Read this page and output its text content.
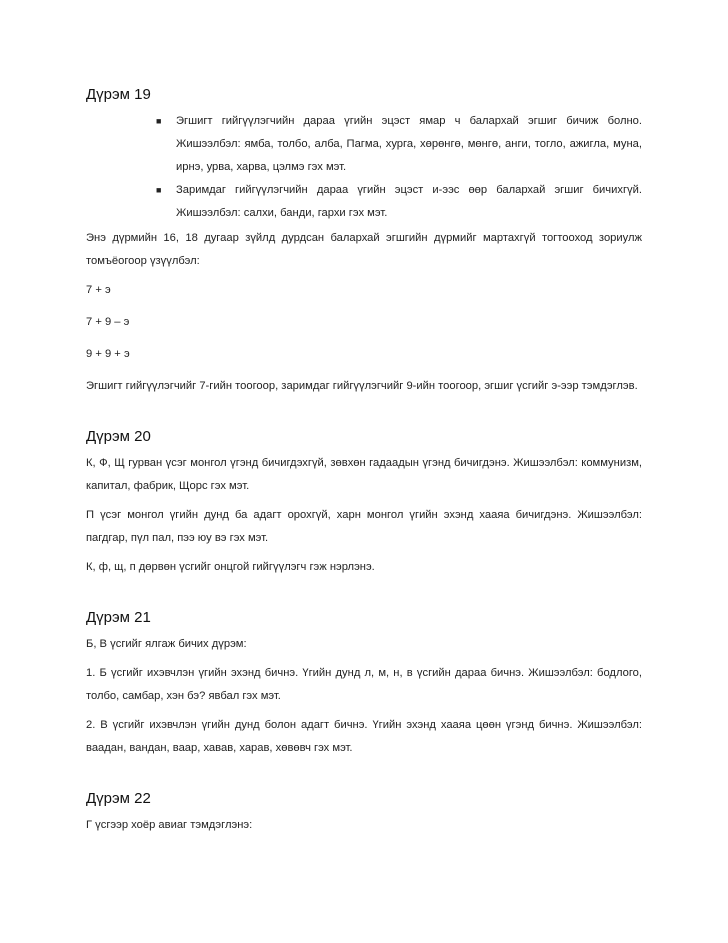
Дүрэм 19
■ Эгшигт гийгүүлэгчийн дараа үгийн эцэст ямар ч балархай эгшиг бичиж болно. Жишээлбэл: ямба, толбо, алба, Пагма, хурга, хөрөнгө, мөнгө, анги, тогло, ажигла, муна, ирнэ, урва, харва, цэлмэ гэх мэт.
■ Заримдаг гийгүүлэгчийн дараа үгийн эцэст и-ээс өөр балархай эгшиг бичихгүй. Жишээлбэл: салхи, банди, гархи гэх мэт.

Энэ дүрмийн 16, 18 дугаар зүйлд дурдсан балархай эгшгийн дүрмийг мартахгүй тогтооход зориулж томъёогоор үзүүлбэл:

7 + э
7 + 9 – э
9 + 9 + э

Эгшигт гийгүүлэгчийг 7-гийн тоогоор, заримдаг гийгүүлэгчийг 9-ийн тоогоор, эгшиг үсгийг э-ээр тэмдэглэв.

Дүрэм 20

К, Ф, Щ гурван үсэг монгол үгэнд бичигдэхгүй, зөвхөн гадаадын үгэнд бичигдэнэ. Жишээлбэл: коммунизм, капитал, фабрик, Щорс гэх мэт.

П үсэг монгол үгийн дунд ба адагт орохгүй, харн монгол үгийн эхэнд хааяа бичигдэнэ. Жишээлбэл: пагдгар, пүл пал, пээ юу вэ гэх мэт.

К, ф, щ, п дөрвөн үсгийг онцгой гийгүүлэгч гэж нэрлэнэ.

Дүрэм 21

Б, В үсгийг ялгаж бичих дүрэм:

1. Б үсгийг ихэвчлэн үгийн эхэнд бичнэ. Үгийн дунд л, м, н, в үсгийн дараа бичнэ. Жишээлбэл: бодлого, толбо, самбар, хэн бэ? явбал гэх мэт.

2. В үсгийг ихэвчлэн үгийн дунд болон адагт бичнэ. Үгийн эхэнд хааяа цөөн үгэнд бичнэ. Жишээлбэл: ваадан, вандан, ваар, хавав, харав, хөвөвч гэх мэт.

Дүрэм 22

Г үсгээр хоёр авиаг тэмдэглэнэ:
